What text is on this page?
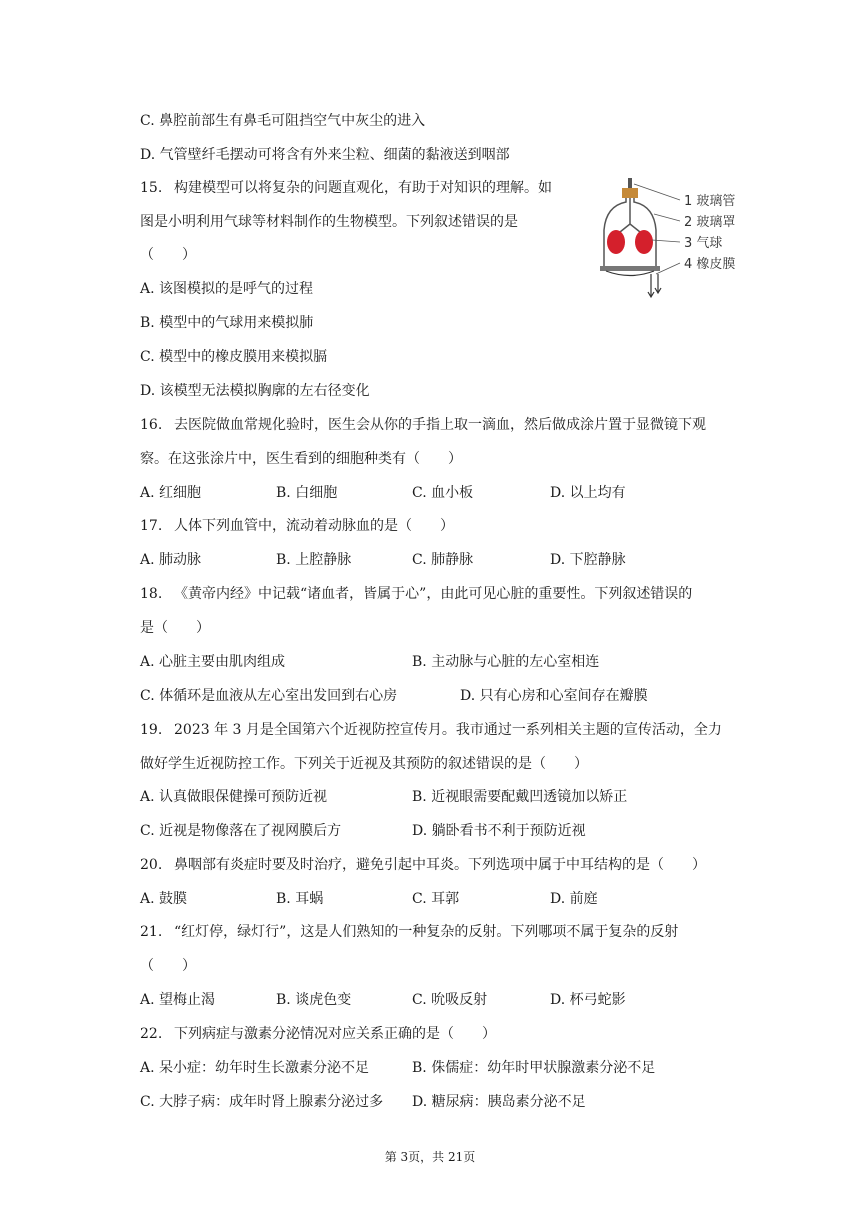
C. 鼻腔前部生有鼻毛可阻挡空气中灰尘的进入
D. 气管壁纤毛摆动可将含有外来尘粒、细菌的黏液送到咽部
15. 构建模型可以将复杂的问题直观化，有助于对知识的理解。如
图是小明利用气球等材料制作的生物模型。下列叙述错误的是
（　　）
A. 该图模拟的是呼气的过程
B. 模型中的气球用来模拟肺
C. 模型中的橡皮膜用来模拟膈
D. 该模型无法模拟胸廓的左右径变化
1 玻璃管
2 玻璃罩
3 气球
4 橡皮膜
16. 去医院做血常规化验时，医生会从你的手指上取一滴血，然后做成涂片置于显微镜下观
察。在这张涂片中，医生看到的细胞种类有（　　）
A. 红细胞	B. 白细胞	C. 血小板	D. 以上均有
17. 人体下列血管中，流动着动脉血的是（　　）
A. 肺动脉	B. 上腔静脉	C. 肺静脉	D. 下腔静脉
18. 《黄帝内经》中记载“诸血者，皆属于心”，由此可见心脏的重要性。下列叙述错误的
是（　　）
A. 心脏主要由肌肉组成	B. 主动脉与心脏的左心室相连
C. 体循环是血液从左心室出发回到右心房	D. 只有心房和心室间存在瓣膜
19. 2023 年 3 月是全国第六个近视防控宣传月。我市通过一系列相关主题的宣传活动，全力
做好学生近视防控工作。下列关于近视及其预防的叙述错误的是（　　）
A. 认真做眼保健操可预防近视	B. 近视眼需要配戴凹透镜加以矫正
C. 近视是物像落在了视网膜后方	D. 躺卧看书不利于预防近视
20. 鼻咽部有炎症时要及时治疗，避免引起中耳炎。下列选项中属于中耳结构的是（　　）
A. 鼓膜	B. 耳蜗	C. 耳郭	D. 前庭
21. “红灯停，绿灯行”，这是人们熟知的一种复杂的反射。下列哪项不属于复杂的反射
（　　）
A. 望梅止渴	B. 谈虎色变	C. 吮吸反射	D. 杯弓蛇影
22. 下列病症与激素分泌情况对应关系正确的是（　　）
A. 呆小症：幼年时生长激素分泌不足	B. 侏儒症：幼年时甲状腺激素分泌不足
C. 大脖子病：成年时肾上腺素分泌过多 D. 糖尿病：胰岛素分泌不足
第 3页，共 21页
